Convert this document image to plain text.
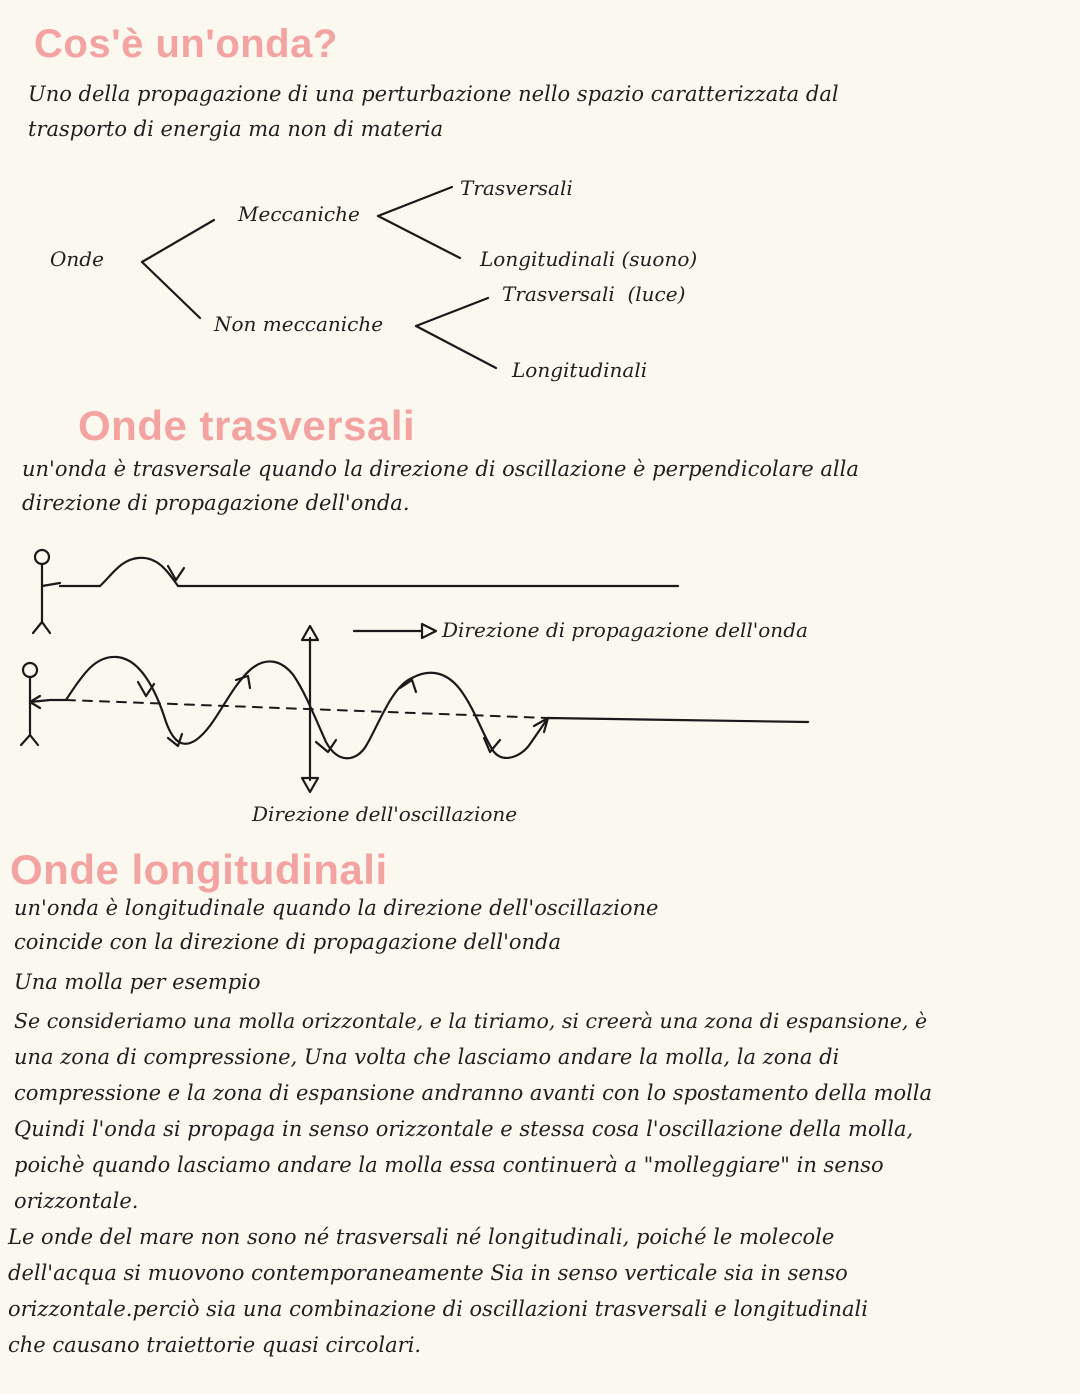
Cos'è un'onda?
Uno della propagazione di una perturbazione nello spazio caratterizzata dal
trasporto di energia ma non di materia
Onde
Meccaniche
Trasversali
Longitudinali (suono)
Non meccaniche
Trasversali  (luce)
Longitudinali
Onde trasversali
un'onda è trasversale quando la direzione di oscillazione è perpendicolare alla
direzione di propagazione dell'onda.
Direzione di propagazione dell'onda
Direzione dell'oscillazione
Onde longitudinali
un'onda è longitudinale quando la direzione dell'oscillazione
coincide con la direzione di propagazione dell'onda
Una molla per esempio
Se consideriamo una molla orizzontale, e la tiriamo, si creerà una zona di espansione, è
una zona di compressione, Una volta che lasciamo andare la molla, la zona di
compressione e la zona di espansione andranno avanti con lo spostamento della molla
Quindi l'onda si propaga in senso orizzontale e stessa cosa l'oscillazione della molla,
poichè quando lasciamo andare la molla essa continuerà a "molleggiare" in senso
orizzontale.
Le onde del mare non sono né trasversali né longitudinali, poiché le molecole
dell'acqua si muovono contemporaneamente Sia in senso verticale sia in senso
orizzontale.perciò sia una combinazione di oscillazioni trasversali e longitudinali
che causano traiettorie quasi circolari.
